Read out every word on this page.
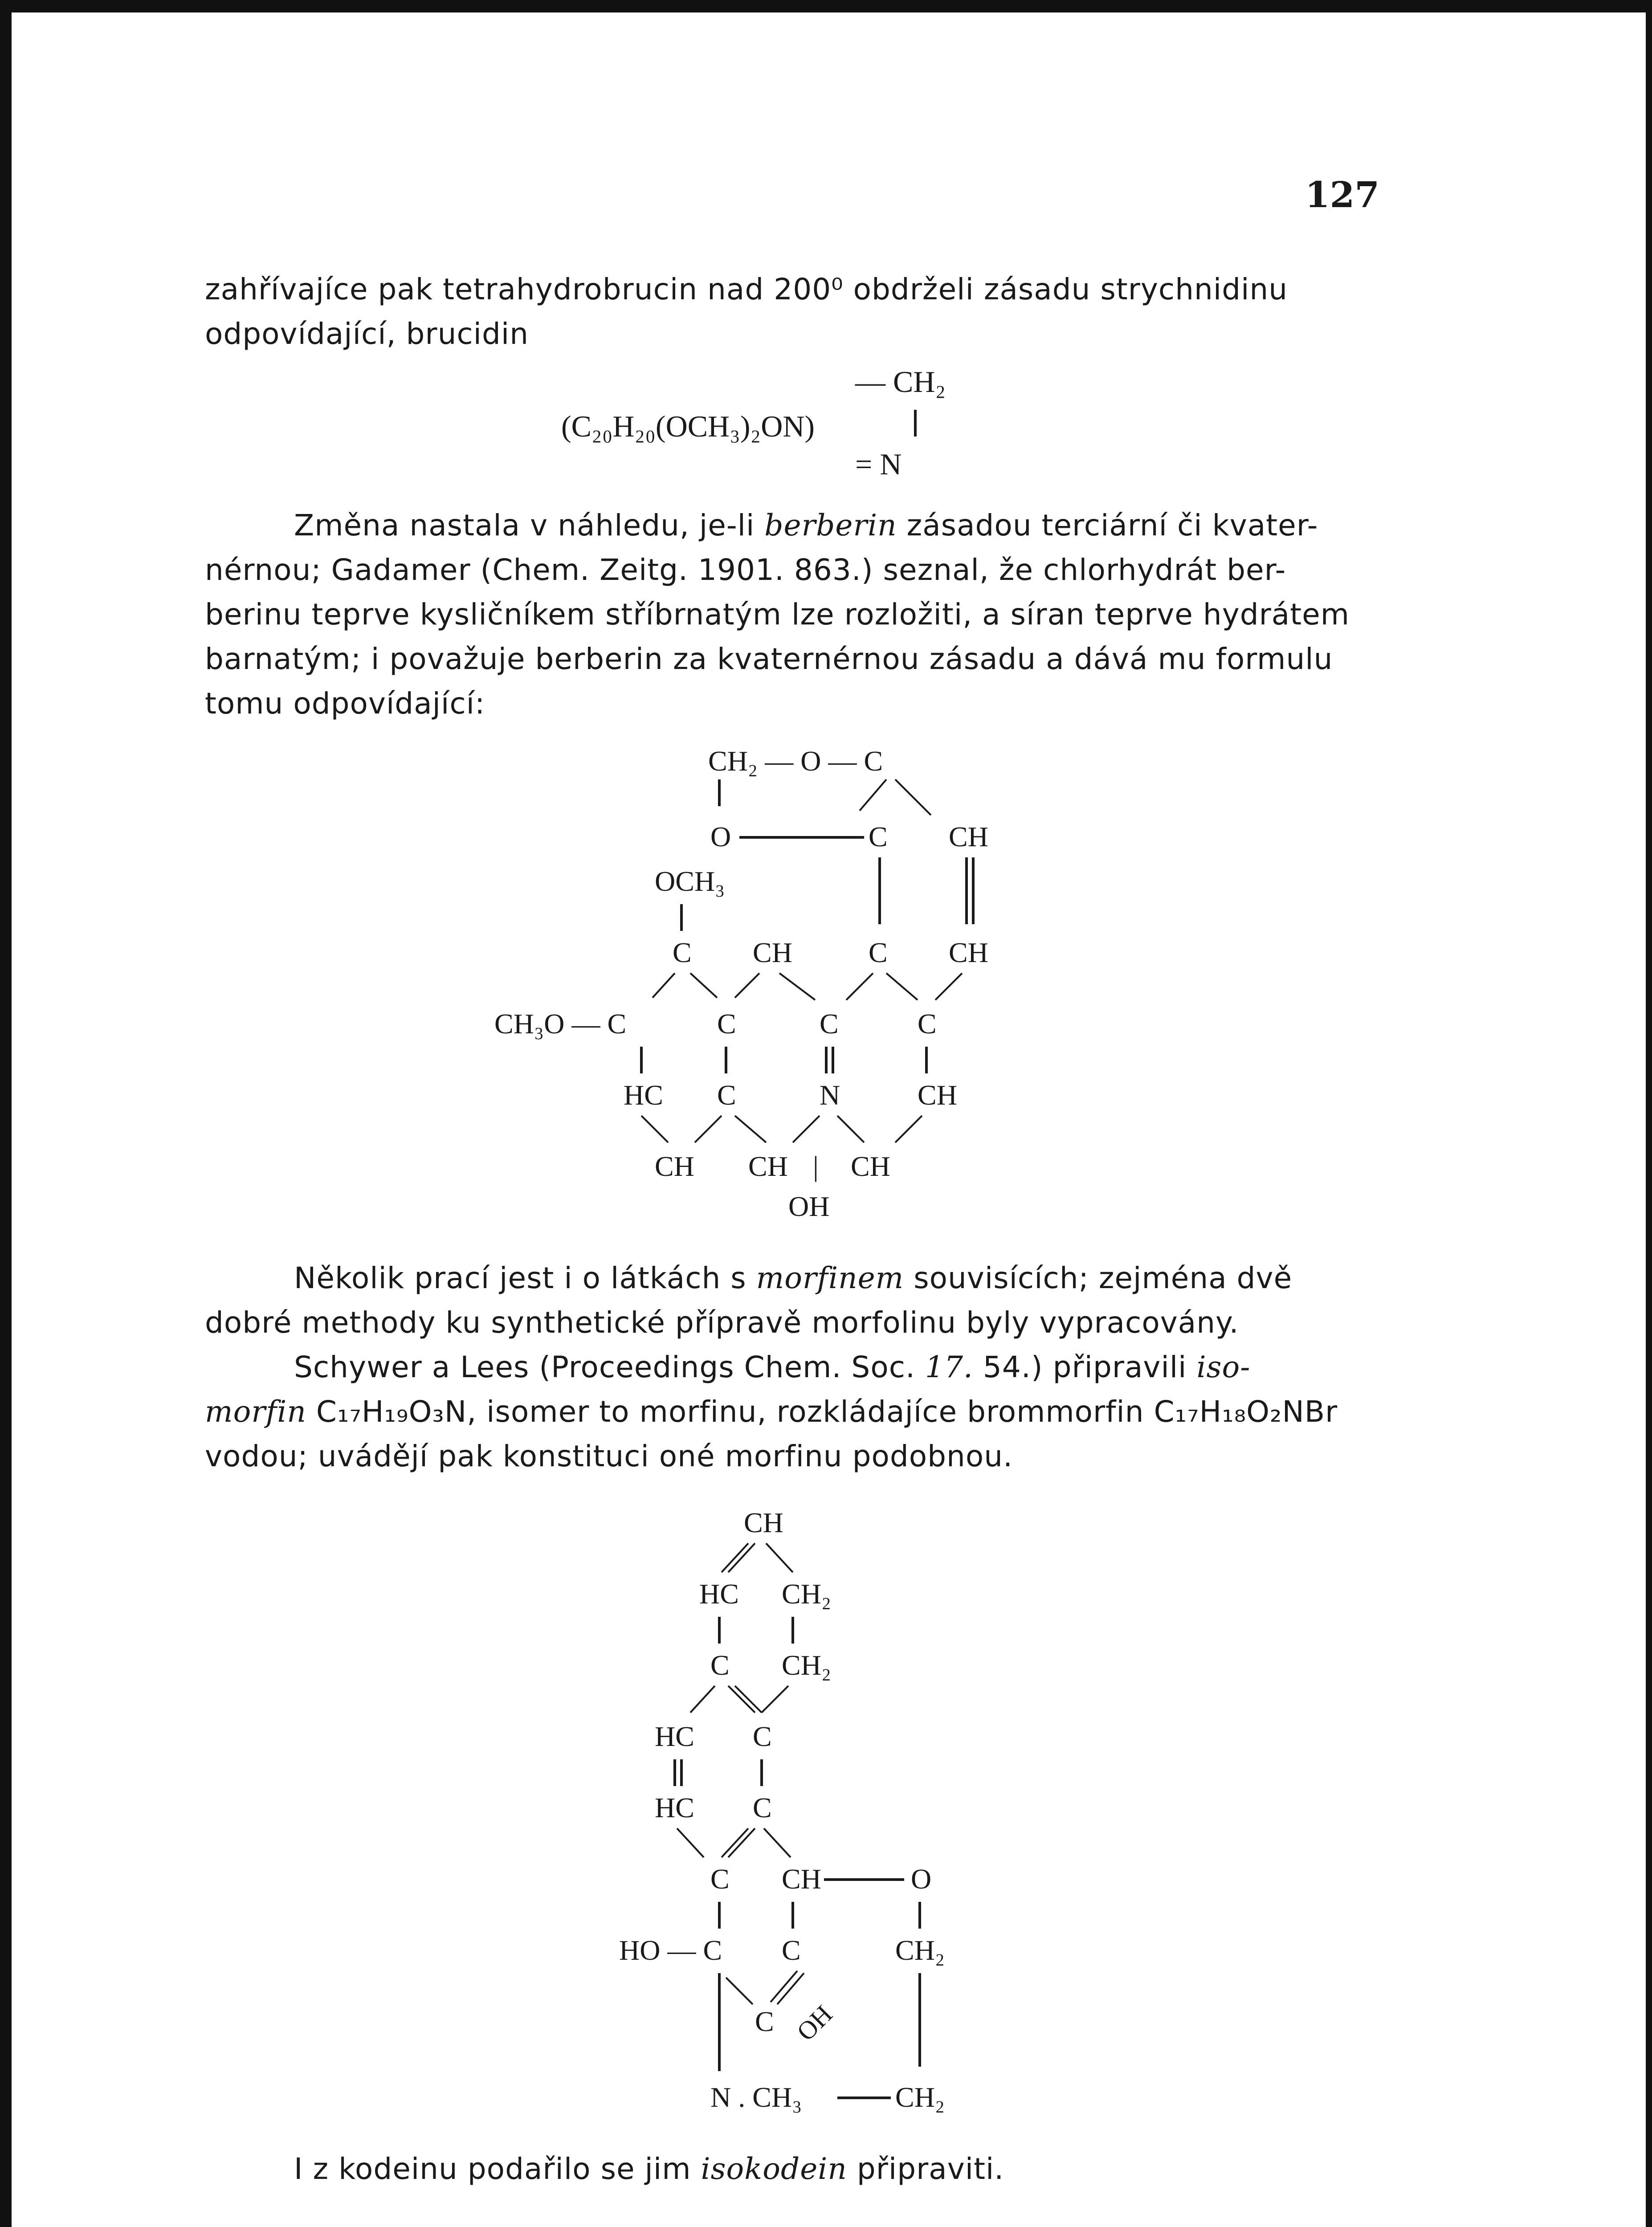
127
zahřívajíce pak tetrahydrobrucin nad 200⁰ obdrželi zásadu strychnidinu
odpovídající, brucidin
(C₂₀H₂₀(OCH₃)₂ON)
— CH₂
= N
Změna nastala v náhledu, je-li berberin zásadou terciární či kvater-
nérnou; Gadamer (Chem. Zeitg. 1901. 863.) seznal, že chlorhydrát ber-
berinu teprve kysličníkem stříbrnatým lze rozložiti, a síran teprve hydrátem
barnatým; i považuje berberin za kvaternérnou zásadu a dává mu formulu
tomu odpovídající:
CH₂ — O — C
O	C CH
OCH₃
C CH	C CH
CH₃O — C	C	C	C
HC C	N	CH
CH CH | CH
OH
Několik prací jest i o látkách s morfinem souvisících; zejména dvě
dobré methody ku synthetické přípravě morfolinu byly vypracovány.
Schywer a Lees (Proceedings Chem. Soc. 17. 54.) připravili iso-
morfin C₁₇H₁₉O₃N, isomer to morfinu, rozkládajíce brommorfin C₁₇H₁₈O₂NBr
vodou; uvádějí pak konstituci oné morfinu podobnou.
CH
HC CH₂
C CH₂
HC C
HC C
C CH	O
HO — C C	CH₂
C OH
N . CH₃	CH₂
I z kodeinu podařilo se jim isokodein připraviti.
